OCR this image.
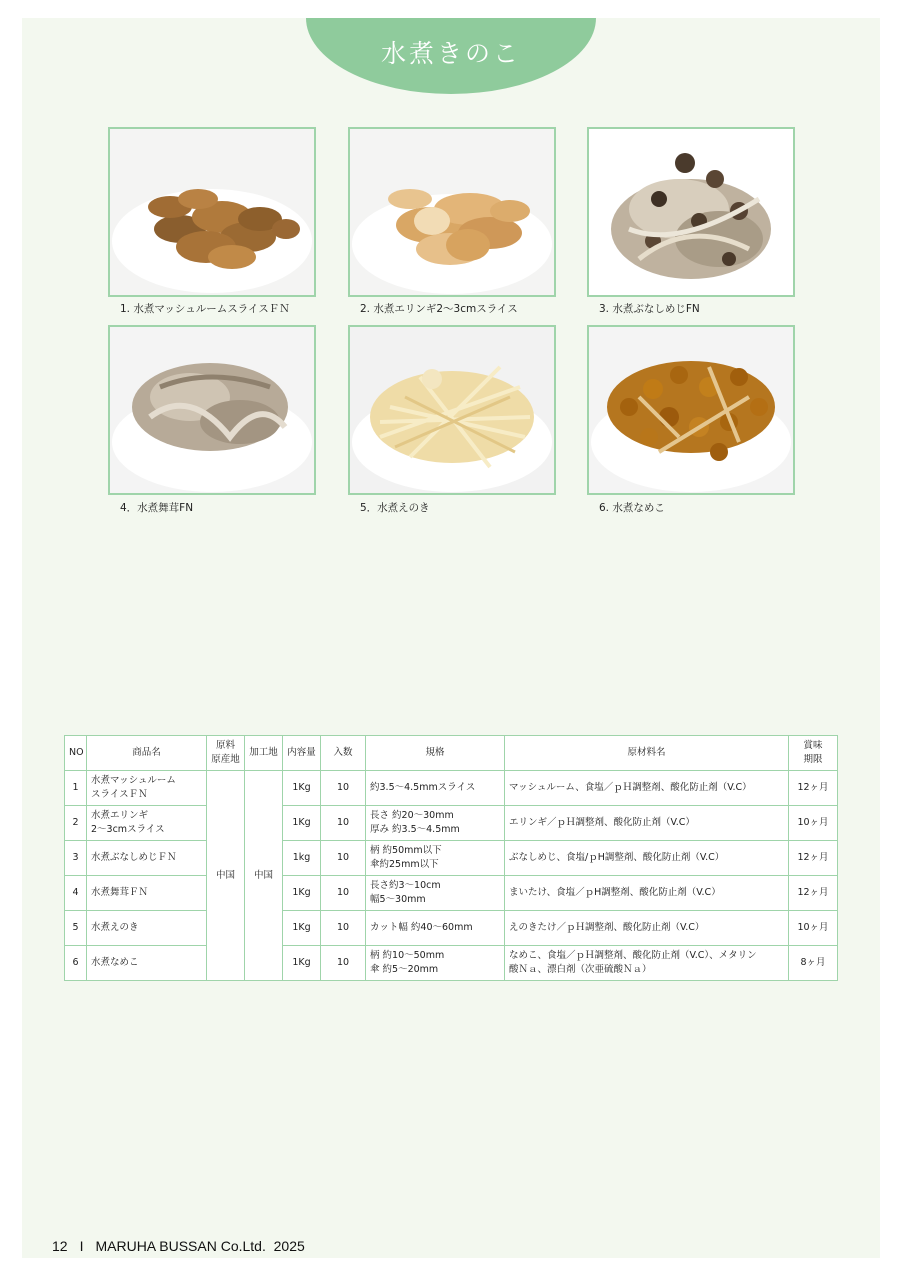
水煮きのこ
1. 水煮マッシュルームスライスＦＮ	2. 水煮エリンギ2～3cmスライス	3. 水煮ぶなしめじFN
4．水煮舞茸FN	5．水煮えのき	6. 水煮なめこ
NO	商品名	原料
原産地	加工地	内容量	入数	規格	原材料名	賞味
期限
1	水煮マッシュルーム
スライスＦＮ	中国	中国	1Kg	10	約3.5～4.5mmスライス	マッシュルーム、食塩／ｐＨ調整剤、酸化防止剤（V.C）	12ヶ月
2	水煮エリンギ
2～3cmスライス			1Kg	10	長さ 約20～30mm
厚み 約3.5～4.5mm	エリンギ／ｐＨ調整剤、酸化防止剤（V.C）	10ヶ月
3	水煮ぶなしめじＦＮ			1kg	10	柄 約50mm以下
傘約25mm以下	ぶなしめじ、食塩/ｐH調整剤、酸化防止剤（V.C）	12ヶ月
4	水煮舞茸ＦＮ			1Kg	10	長さ約3～10cm
幅5～30mm	まいたけ、食塩／ｐH調整剤、酸化防止剤（V.C）	12ヶ月
5	水煮えのき			1Kg	10	カット幅 約40～60mm	えのきたけ／ｐＨ調整剤、酸化防止剤（V.C）	10ヶ月
6	水煮なめこ			1Kg	10	柄 約10～50mm
傘 約5～20mm	なめこ、食塩／ｐＨ調整剤、酸化防止剤（V.C）、メタリン
酸Ｎａ、漂白剤（次亜硫酸Ｎａ）	8ヶ月
12 I MARUHA BUSSAN Co.Ltd. 2025
